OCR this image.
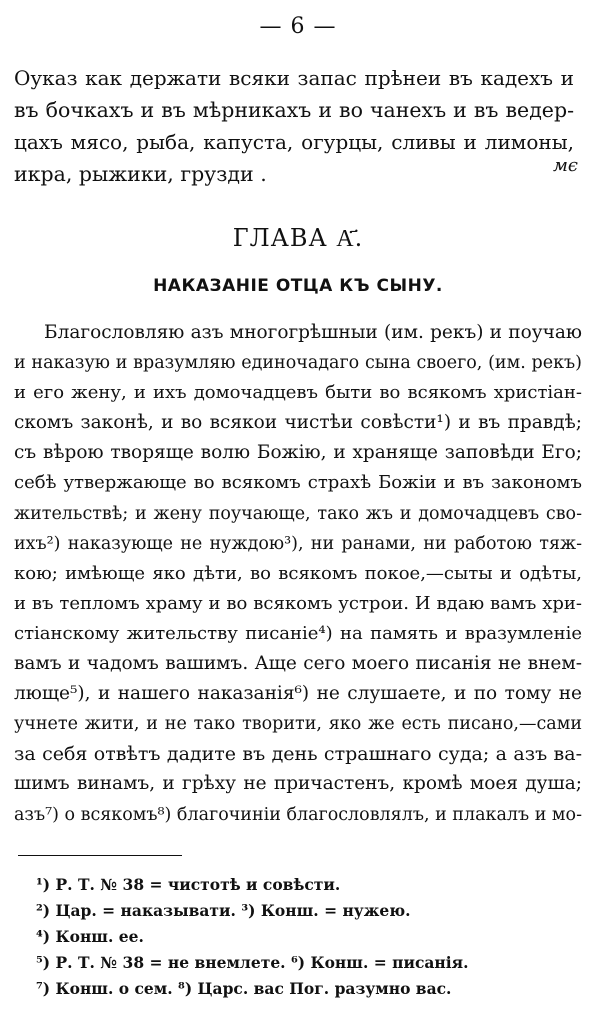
— 6 —
Оуказ как держати всяки запас прѣнеи въ кадехъ и
въ бочкахъ и въ мѣрникахъ и во чанехъ и въ ведер-
цахъ мясо, рыба, капуста, огурцы, сливы и лимоны,
икра, рыжики, грузди .	мє
ГЛАВА А҃.
НАКАЗАНІЕ ОТЦА КЪ СЫНУ.
Благословляю азъ многогрѣшныи (им. рекъ) и поучаю
и наказую и вразумляю единочадаго сына своего, (им. рекъ)
и его жену, и ихъ домочадцевъ быти во всякомъ христіан-
скомъ законѣ, и во всякои чистѣи совѣсти¹) и въ правдѣ;
съ вѣрою творяще волю Божію, и хранящe заповѣди Его;
себѣ утвержающе во всякомъ страхѣ Божіи и въ закономъ
жительствѣ; и жену поучающе, тако жъ и домочадцевъ сво-
ихъ²) наказующе не нуждою³), ни ранами, ни работою тяж-
кою; имѣюще яко дѣти, во всякомъ покое,—сыты и одѣты,
и въ тепломъ храму и во всякомъ устрои. И вдаю вамъ хри-
стіанскому жительству писаніе⁴) на память и вразумленіе
вамъ и чадомъ вашимъ. Аще сего моего писанія не внем-
люще⁵), и нашего наказанія⁶) не слушаете, и по тому не
учнете жити, и не тако творити, яко же есть писано,—сами
за себя отвѣтъ дадите въ день страшнаго суда; а азъ ва-
шимъ винамъ, и грѣху не причастенъ, кромѣ моея душа;
азъ⁷) о всякомъ⁸) благочиніи благословлялъ, и плакалъ и мо-
¹) Р. Т. № 38 = чистотѣ и совѣсти.
²) Цар. = наказывати. ³) Конш. = нужею.
⁴) Конш. ее.
⁵) Р. Т. № 38 = не внемлете. ⁶) Конш. = писанія.
⁷) Конш. о сем. ⁸) Царс. вас Пог. разумно вас.
